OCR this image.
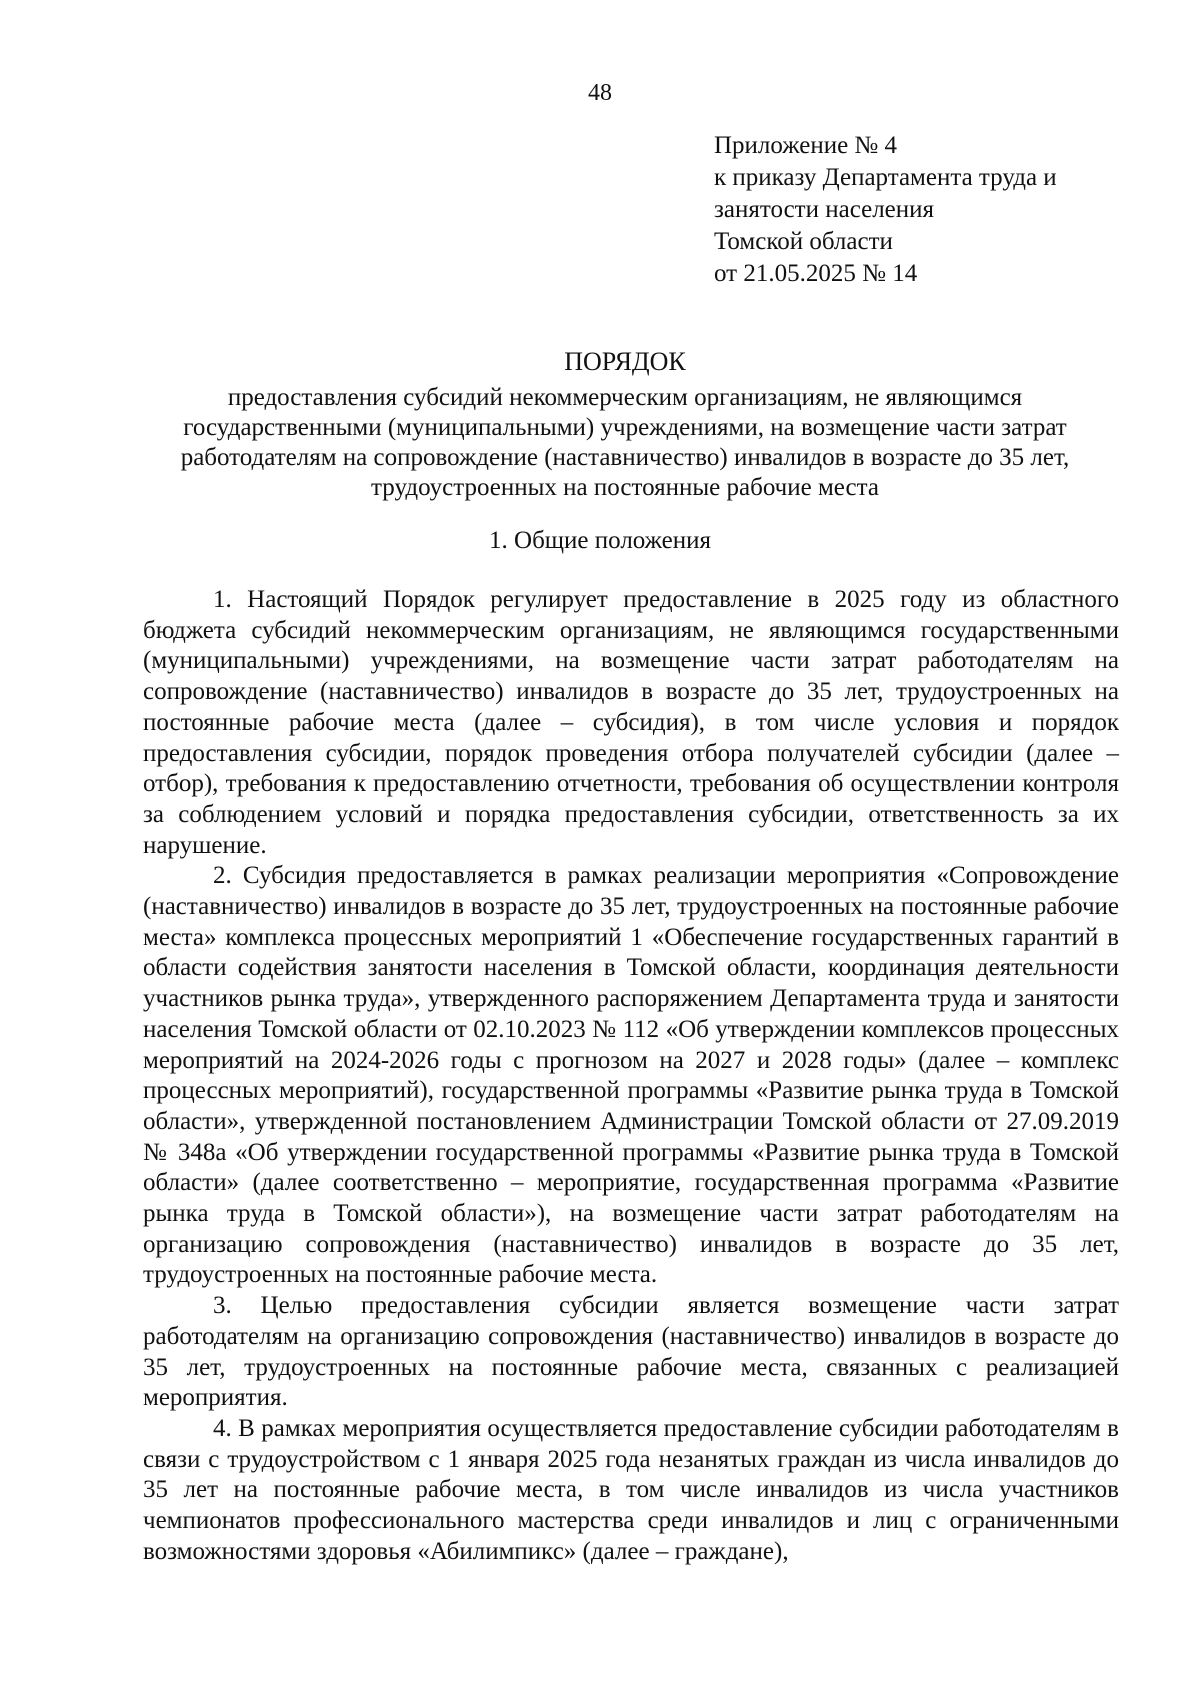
48
Приложение № 4
к приказу Департамента труда и
занятости населения
Томской области
от 21.05.2025 № 14
ПОРЯДОК

предоставления субсидий некоммерческим организациям, не являющимся государственными (муниципальными) учреждениями, на возмещение части затрат работодателям на сопровождение (наставничество) инвалидов в возрасте до 35 лет, трудоустроенных на постоянные рабочие места

1. Общие положения

1. Настоящий Порядок регулирует предоставление в 2025 году из областного бюджета субсидий некоммерческим организациям, не являющимся государственными (муниципальными) учреждениями, на возмещение части затрат работодателям на сопровождение (наставничество) инвалидов в возрасте до 35 лет, трудоустроенных на постоянные рабочие места (далее – субсидия), в том числе условия и порядок предоставления субсидии, порядок проведения отбора получателей субсидии (далее – отбор), требования к предоставлению отчетности, требования об осуществлении контроля за соблюдением условий и порядка предоставления субсидии, ответственность за их нарушение.

2. Субсидия предоставляется в рамках реализации мероприятия «Сопровождение (наставничество) инвалидов в возрасте до 35 лет, трудоустроенных на постоянные рабочие места» комплекса процессных мероприятий 1 «Обеспечение государственных гарантий в области содействия занятости населения в Томской области, координация деятельности участников рынка труда», утвержденного распоряжением Департамента труда и занятости населения Томской области от 02.10.2023 № 112 «Об утверждении комплексов процессных мероприятий на 2024-2026 годы с прогнозом на 2027 и 2028 годы» (далее – комплекс процессных мероприятий), государственной программы «Развитие рынка труда в Томской области», утвержденной постановлением Администрации Томской области от 27.09.2019 № 348а «Об утверждении государственной программы «Развитие рынка труда в Томской области» (далее соответственно – мероприятие, государственная программа «Развитие рынка труда в Томской области»), на возмещение части затрат работодателям на организацию сопровождения (наставничество) инвалидов в возрасте до 35 лет, трудоустроенных на постоянные рабочие места.

3. Целью предоставления субсидии является возмещение части затрат работодателям на организацию сопровождения (наставничество) инвалидов в возрасте до 35 лет, трудоустроенных на постоянные рабочие места, связанных с реализацией мероприятия.

4. В рамках мероприятия осуществляется предоставление субсидии работодателям в связи с трудоустройством с 1 января 2025 года незанятых граждан из числа инвалидов до 35 лет на постоянные рабочие места, в том числе инвалидов из числа участников чемпионатов профессионального мастерства среди инвалидов и лиц с ограниченными возможностями здоровья «Абилимпикс» (далее – граждане),
